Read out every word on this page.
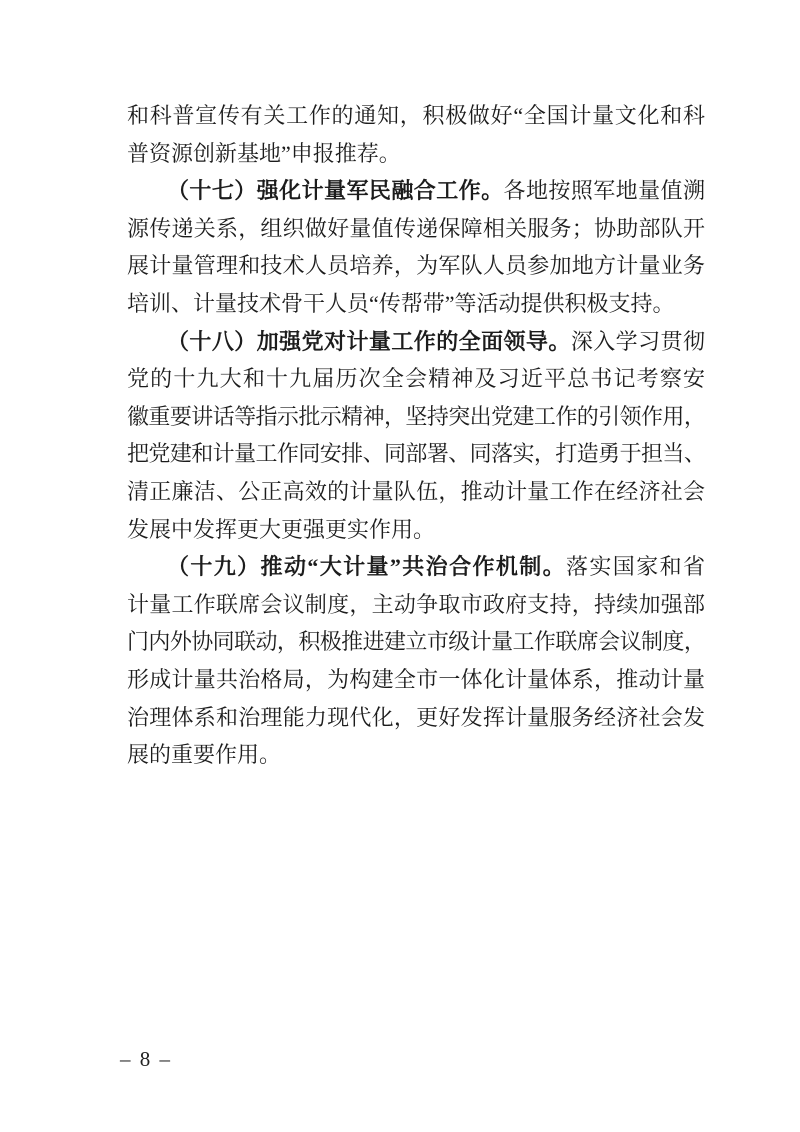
和科普宣传有关工作的通知，积极做好“全国计量文化和科
普资源创新基地”申报推荐。
（十七）强化计量军民融合工作。各地按照军地量值溯
源传递关系，组织做好量值传递保障相关服务；协助部队开
展计量管理和技术人员培养，为军队人员参加地方计量业务
培训、计量技术骨干人员“传帮带”等活动提供积极支持。
（十八）加强党对计量工作的全面领导。深入学习贯彻
党的十九大和十九届历次全会精神及习近平总书记考察安
徽重要讲话等指示批示精神，坚持突出党建工作的引领作用，
把党建和计量工作同安排、同部署、同落实，打造勇于担当、
清正廉洁、公正高效的计量队伍，推动计量工作在经济社会
发展中发挥更大更强更实作用。
（十九）推动“大计量”共治合作机制。落实国家和省
计量工作联席会议制度，主动争取市政府支持，持续加强部
门内外协同联动，积极推进建立市级计量工作联席会议制度，
形成计量共治格局，为构建全市一体化计量体系，推动计量
治理体系和治理能力现代化，更好发挥计量服务经济社会发
展的重要作用。
– 8 –
